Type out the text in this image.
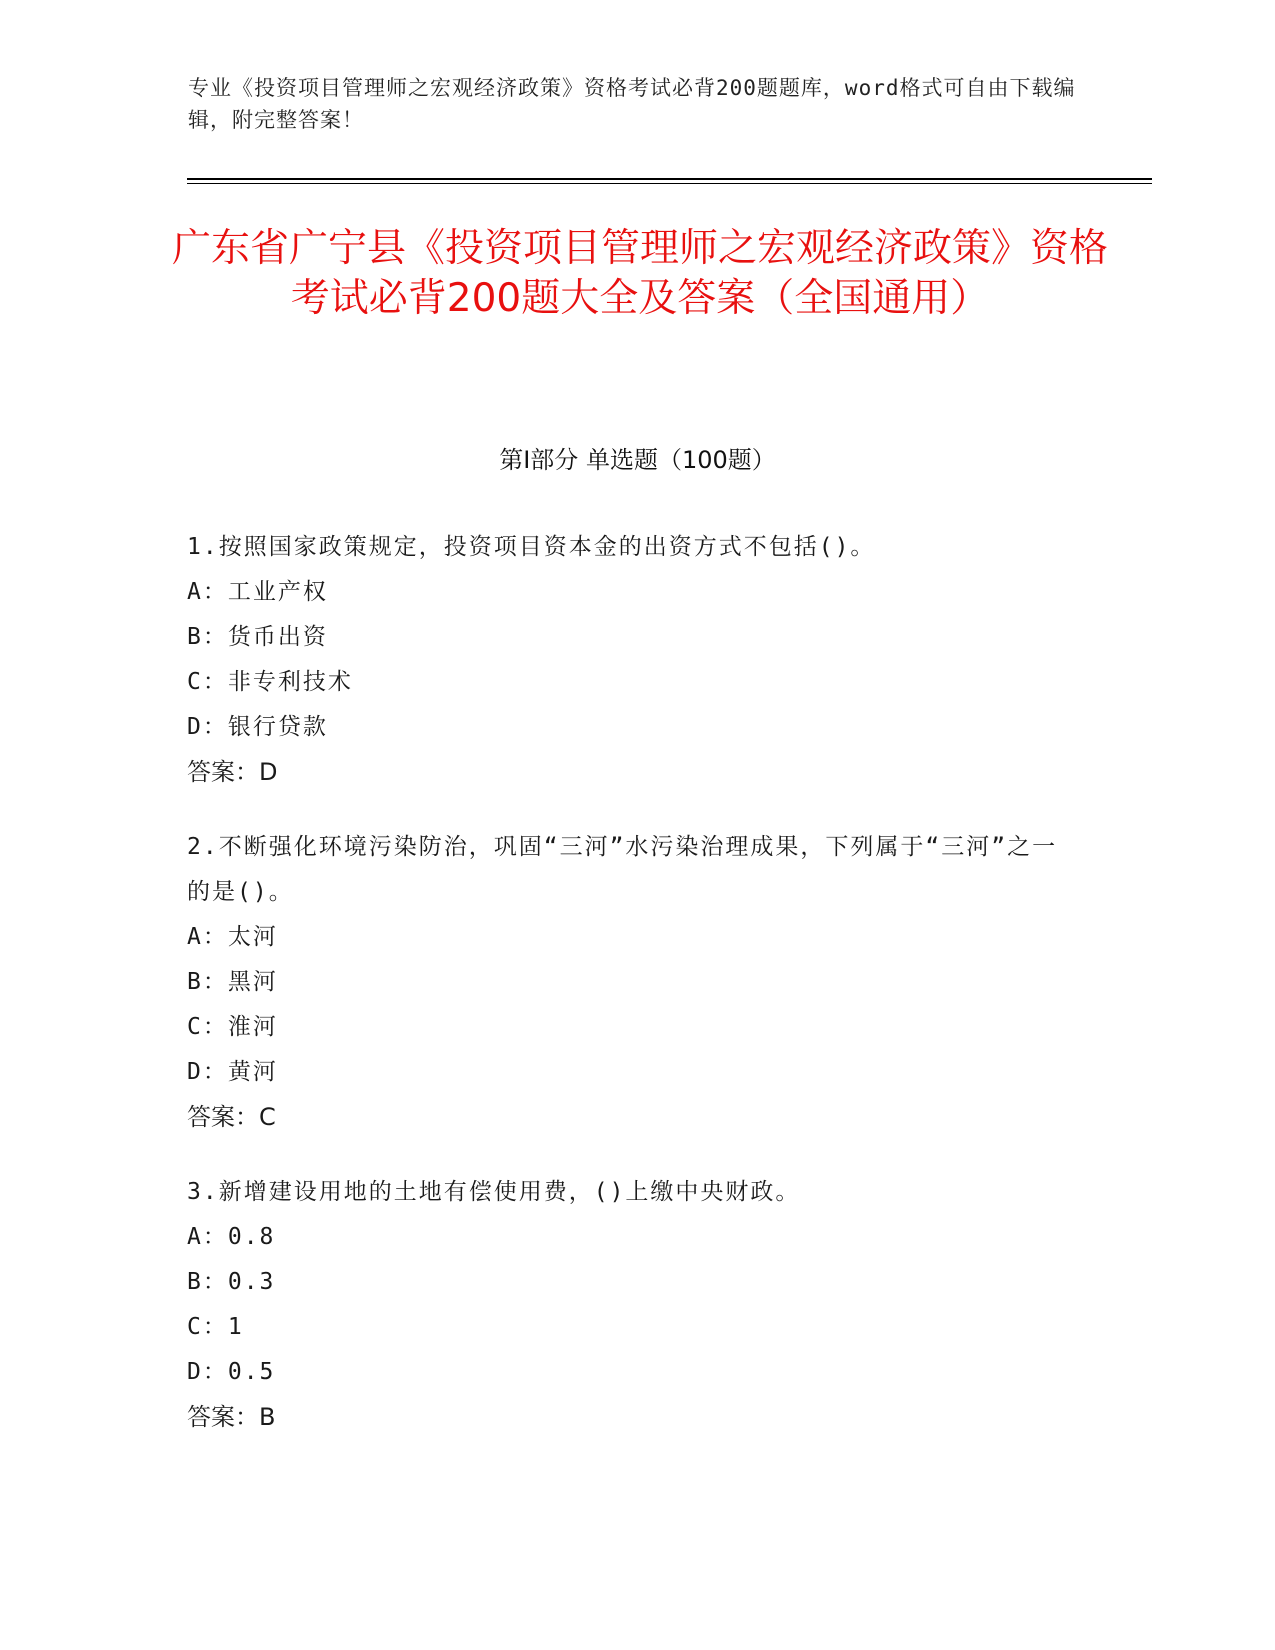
专业《投资项目管理师之宏观经济政策》资格考试必背200题题库，word格式可自由下载编辑，附完整答案！
广东省广宁县《投资项目管理师之宏观经济政策》资格考试必背200题大全及答案（全国通用）
第Ⅰ部分 单选题（100题）
1 . 按照国家政策规定，投资项目资本金的出资方式不包括()。
A ： 工业产权
B ： 货币出资
C ： 非专利技术
D ： 银行贷款
答案 ： D
2 . 不断强化环境污染防治，巩固“三河”水污染治理成果，下列属于“三河”之一的是()。
A ： 太河
B ： 黑河
C ： 淮河
D ： 黄河
答案 ： C
3 . 新增建设用地的土地有偿使用费，()上缴中央财政。
A ： 0.8
B ： 0.3
C ： 1
D ： 0.5
答案 ： B
